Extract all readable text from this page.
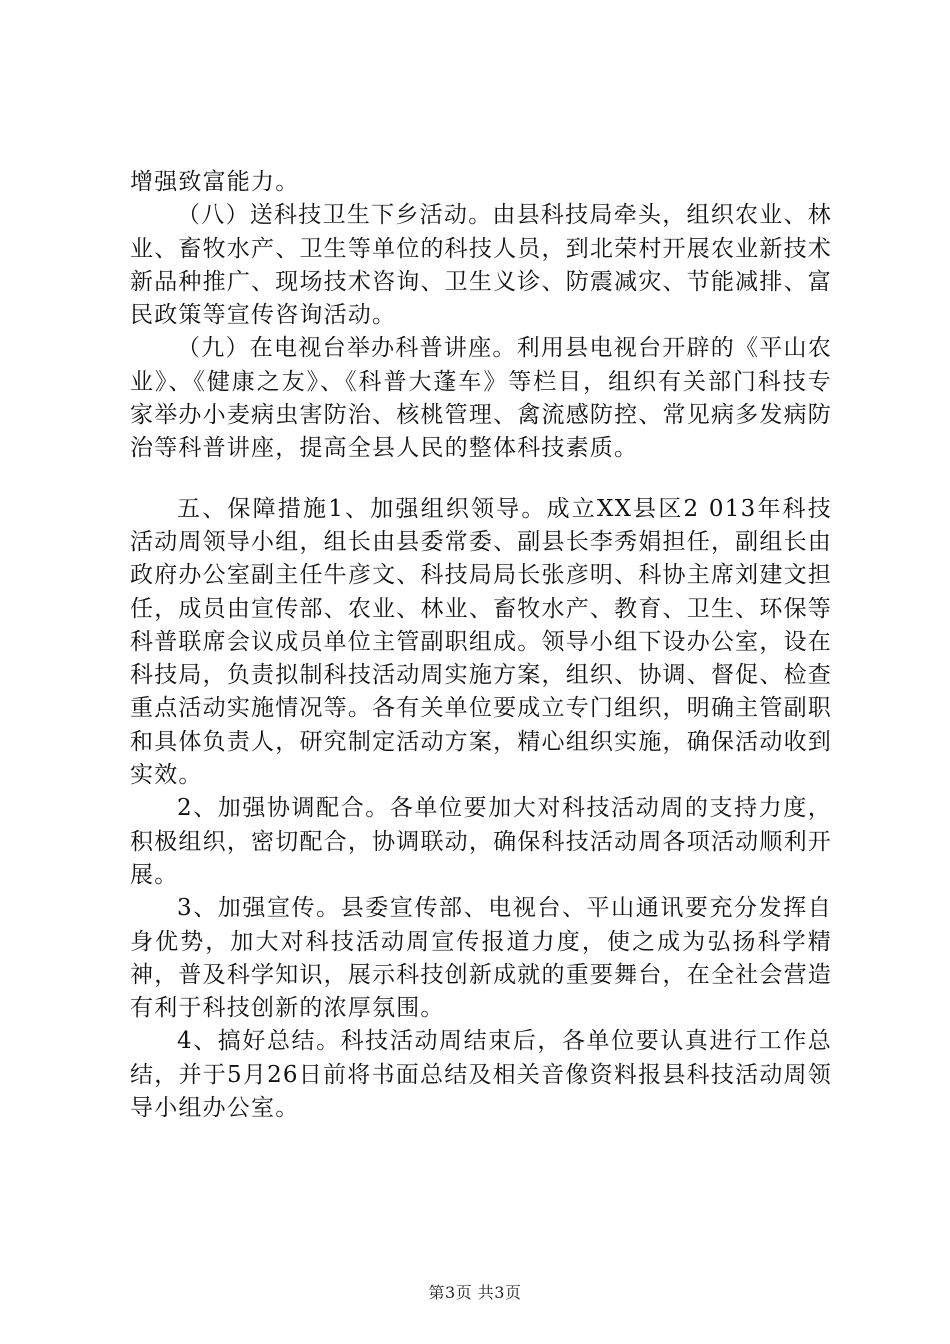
增强致富能力。

（八）送科技卫生下乡活动。由县科技局牵头，组织农业、林业、畜牧水产、卫生等单位的科技人员，到北荣村开展农业新技术新品种推广、现场技术咨询、卫生义诊、防震减灾、节能减排、富民政策等宣传咨询活动。

（九）在电视台举办科普讲座。利用县电视台开辟的《平山农业》、《健康之友》、《科普大蓬车》等栏目，组织有关部门科技专家举办小麦病虫害防治、核桃管理、禽流感防控、常见病多发病防治等科普讲座，提高全县人民的整体科技素质。

五、保障措施1、加强组织领导。成立XX县区2 013年科技活动周领导小组，组长由县委常委、副县长李秀娟担任，副组长由政府办公室副主任牛彦文、科技局局长张彦明、科协主席刘建文担任，成员由宣传部、农业、林业、畜牧水产、教育、卫生、环保等科普联席会议成员单位主管副职组成。领导小组下设办公室，设在科技局，负责拟制科技活动周实施方案，组织、协调、督促、检查重点活动实施情况等。各有关单位要成立专门组织，明确主管副职和具体负责人，研究制定活动方案，精心组织实施，确保活动收到实效。

2、加强协调配合。各单位要加大对科技活动周的支持力度，积极组织，密切配合，协调联动，确保科技活动周各项活动顺利开展。

3、加强宣传。县委宣传部、电视台、平山通讯要充分发挥自身优势，加大对科技活动周宣传报道力度，使之成为弘扬科学精神，普及科学知识，展示科技创新成就的重要舞台，在全社会营造有利于科技创新的浓厚氛围。

4、搞好总结。科技活动周结束后，各单位要认真进行工作总结，并于5月26日前将书面总结及相关音像资料报县科技活动周领导小组办公室。

第3页 共3页
